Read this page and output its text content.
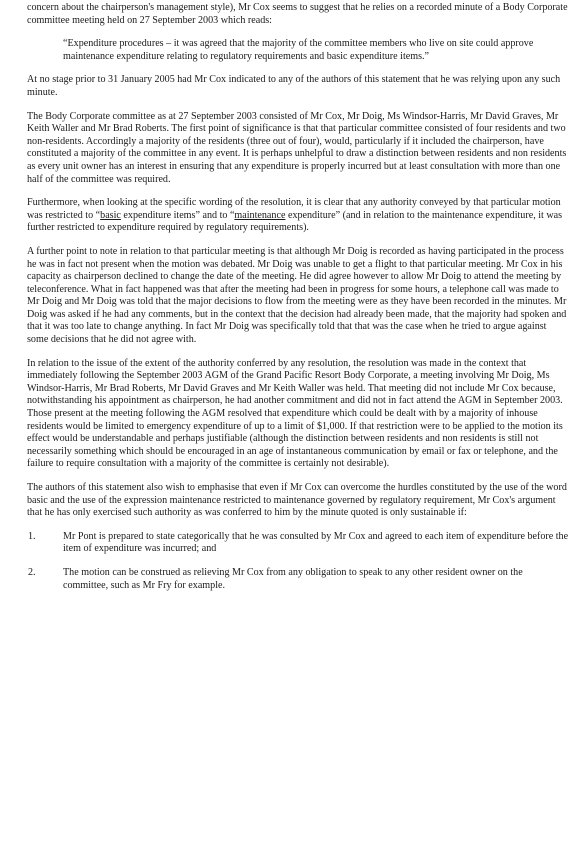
concern about the chairperson's management style), Mr Cox seems to suggest that he relies on a recorded minute of a Body Corporate committee meeting held on 27 September 2003 which reads:

“Expenditure procedures – it was agreed that the majority of the committee members who live on site could approve maintenance expenditure relating to regulatory requirements and basic expenditure items.”

At no stage prior to 31 January 2005 had Mr Cox indicated to any of the authors of this statement that he was relying upon any such minute.

The Body Corporate committee as at 27 September 2003 consisted of Mr Cox, Mr Doig, Ms Windsor-Harris, Mr David Graves, Mr Keith Waller and Mr Brad Roberts. The first point of significance is that that particular committee consisted of four residents and two non-residents. Accordingly a majority of the residents (three out of four), would, particularly if it included the chairperson, have constituted a majority of the committee in any event. It is perhaps unhelpful to draw a distinction between residents and non residents as every unit owner has an interest in ensuring that any expenditure is properly incurred but at least consultation with more than one half of the committee was required.

Furthermore, when looking at the specific wording of the resolution, it is clear that any authority conveyed by that particular motion was restricted to “basic expenditure items” and to “maintenance expenditure” (and in relation to the maintenance expenditure, it was further restricted to expenditure required by regulatory requirements).

A further point to note in relation to that particular meeting is that although Mr Doig is recorded as having participated in the process he was in fact not present when the motion was debated. Mr Doig was unable to get a flight to that particular meeting. Mr Cox in his capacity as chairperson declined to change the date of the meeting. He did agree however to allow Mr Doig to attend the meeting by teleconference. What in fact happened was that after the meeting had been in progress for some hours, a telephone call was made to Mr Doig and Mr Doig was told that the major decisions to flow from the meeting were as they have been recorded in the minutes. Mr Doig was asked if he had any comments, but in the context that the decision had already been made, that the majority had spoken and that it was too late to change anything. In fact Mr Doig was specifically told that that was the case when he tried to argue against some decisions that he did not agree with.

In relation to the issue of the extent of the authority conferred by any resolution, the resolution was made in the context that immediately following the September 2003 AGM of the Grand Pacific Resort Body Corporate, a meeting involving Mr Doig, Ms Windsor-Harris, Mr Brad Roberts, Mr David Graves and Mr Keith Waller was held. That meeting did not include Mr Cox because, notwithstanding his appointment as chairperson, he had another commitment and did not in fact attend the AGM in September 2003. Those present at the meeting following the AGM resolved that expenditure which could be dealt with by a majority of inhouse residents would be limited to emergency expenditure of up to a limit of $1,000. If that restriction were to be applied to the motion its effect would be understandable and perhaps justifiable (although the distinction between residents and non residents is still not necessarily something which should be encouraged in an age of instantaneous communication by email or fax or telephone, and the failure to require consultation with a majority of the committee is certainly not desirable).

The authors of this statement also wish to emphasise that even if Mr Cox can overcome the hurdles constituted by the use of the word basic and the use of the expression maintenance restricted to maintenance governed by regulatory requirement, Mr Cox's argument that he has only exercised such authority as was conferred to him by the minute quoted is only sustainable if:

1.	Mr Pont is prepared to state categorically that he was consulted by Mr Cox and agreed to each item of expenditure before the item of expenditure was incurred; and
2.	The motion can be construed as relieving Mr Cox from any obligation to speak to any other resident owner on the committee, such as Mr Fry for example.
